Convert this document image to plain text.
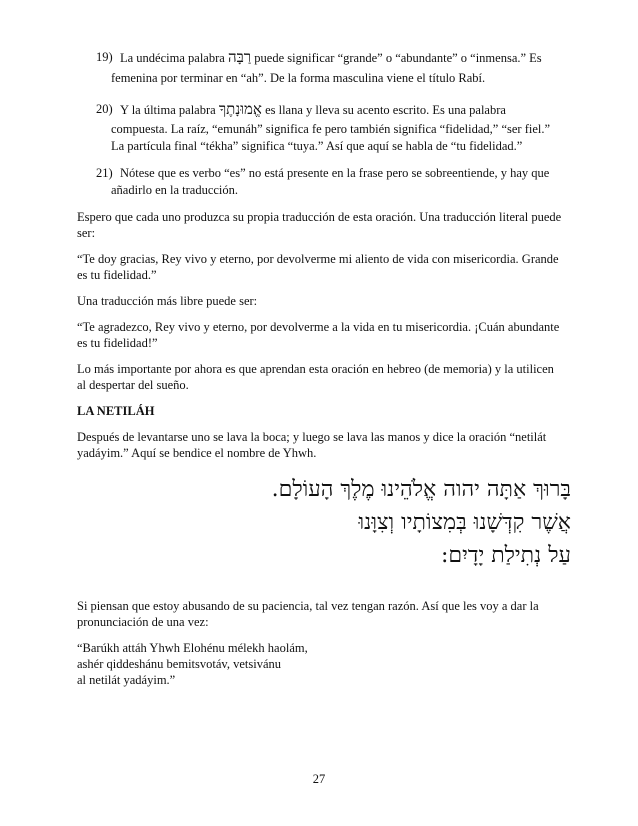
19) La undécima palabra רַבָּה puede significar “grande” o “abundante” o “inmensa.” Es
femenina por terminar en “ah”. De la forma masculina viene el título Rabí.
20) Y la última palabra אֱמוּנָתֶךָ es llana y lleva su acento escrito. Es una palabra
compuesta. La raíz, “emunáh” significa fe pero también significa “fidelidad,” “ser fiel.”
La partícula final “tékha” significa “tuya.” Así que aquí se habla de “tu fidelidad.”
21) Nótese que es verbo “es” no está presente en la frase pero se sobreentiende, y hay que
añadirlo en la traducción.
Espero que cada uno produzca su propia traducción de esta oración. Una traducción literal puede
ser:
“Te doy gracias, Rey vivo y eterno, por devolverme mi aliento de vida con misericordia. Grande
es tu fidelidad.”
Una traducción más libre puede ser:
“Te agradezco, Rey vivo y eterno, por devolverme a la vida en tu misericordia. ¡Cuán abundante
es tu fidelidad!”
Lo más importante por ahora es que aprendan esta oración en hebreo (de memoria) y la utilicen
al despertar del sueño.
LA NETILÁH
Después de levantarse uno se lava la boca; y luego se lava las manos y dice la oración “netilát
yadáyim.” Aquí se bendice el nombre de Yhwh.
בָּרוּךְ אַתָּה יהוה אֱלֹהֵינוּ מֶלֶךְ הָעוֹלָם.
אֲשֶׁר קִדְּשָׁנוּ בְּמִצוֹתָיו וְצִוָּנוּ
עַל נְתִילַת יָדָיִם:
Si piensan que estoy abusando de su paciencia, tal vez tengan razón. Así que les voy a dar la
pronunciación de una vez:
“Barúkh attáh Yhwh Elohénu mélekh haolám,
ashér qiddeshánu bemitsvotáv, vetsivánu
al netilát yadáyim.”
27
